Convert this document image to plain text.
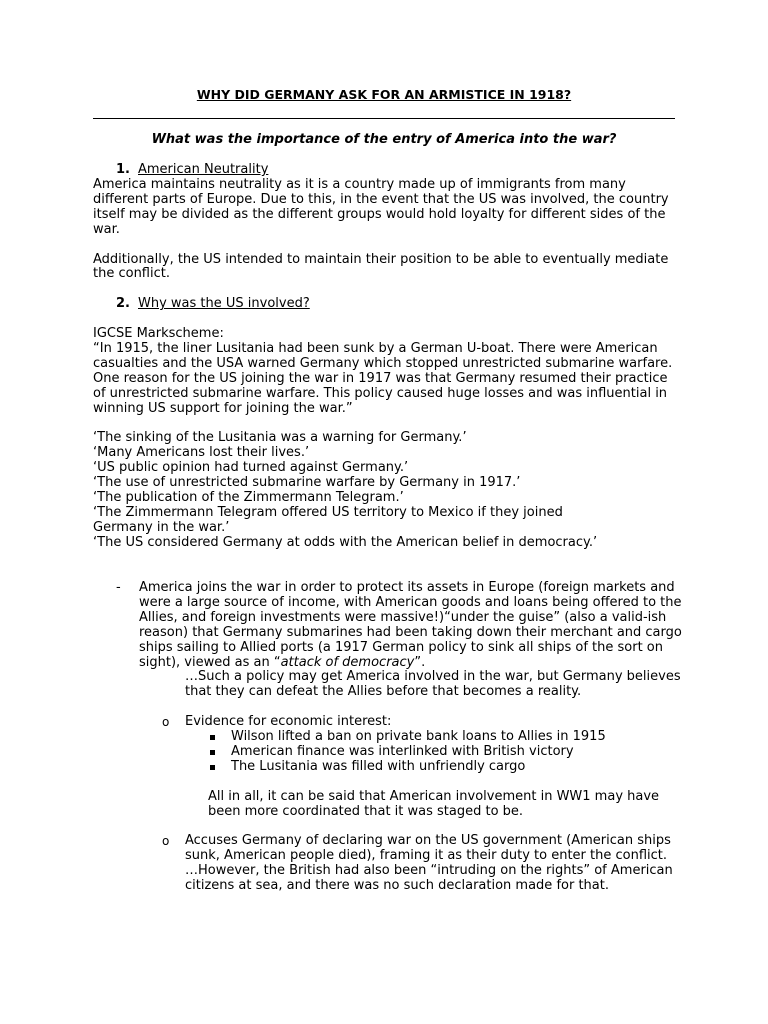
WHY DID GERMANY ASK FOR AN ARMISTICE IN 1918?
What was the importance of the entry of America into the war?
1. American Neutrality

America maintains neutrality as it is a country made up of immigrants from many different parts of Europe. Due to this, in the event that the US was involved, the country itself may be divided as the different groups would hold loyalty for different sides of the war.

Additionally, the US intended to maintain their position to be able to eventually mediate the conflict.

2. Why was the US involved?

IGCSE Markscheme:

“In 1915, the liner Lusitania had been sunk by a German U-boat. There were American casualties and the USA warned Germany which stopped unrestricted submarine warfare. One reason for the US joining the war in 1917 was that Germany resumed their practice of unrestricted submarine warfare. This policy caused huge losses and was influential in winning US support for joining the war.”

‘The sinking of the Lusitania was a warning for Germany.’

‘Many Americans lost their lives.’

‘US public opinion had turned against Germany.’

‘The use of unrestricted submarine warfare by Germany in 1917.’

‘The publication of the Zimmermann Telegram.’

‘The Zimmermann Telegram offered US territory to Mexico if they joined Germany in the war.’

‘The US considered Germany at odds with the American belief in democracy.’

- America joins the war in order to protect its assets in Europe (foreign markets and were a large source of income, with American goods and loans being offered to the Allies, and foreign investments were massive!)“under the guise” (also a valid-ish reason) that Germany submarines had been taking down their merchant and cargo ships sailing to Allied ports (a 1917 German policy to sink all ships of the sort on sight), viewed as an “attack of democracy”.

…Such a policy may get America involved in the war, but Germany believes that they can defeat the Allies before that becomes a reality.

o Evidence for economic interest:

Wilson lifted a ban on private bank loans to Allies in 1915
American finance was interlinked with British victory
The Lusitania was filled with unfriendly cargo

All in all, it can be said that American involvement in WW1 may have been more coordinated that it was staged to be.

o Accuses Germany of declaring war on the US government (American ships sunk, American people died), framing it as their duty to enter the conflict.

…However, the British had also been “intruding on the rights” of American citizens at sea, and there was no such declaration made for that.
